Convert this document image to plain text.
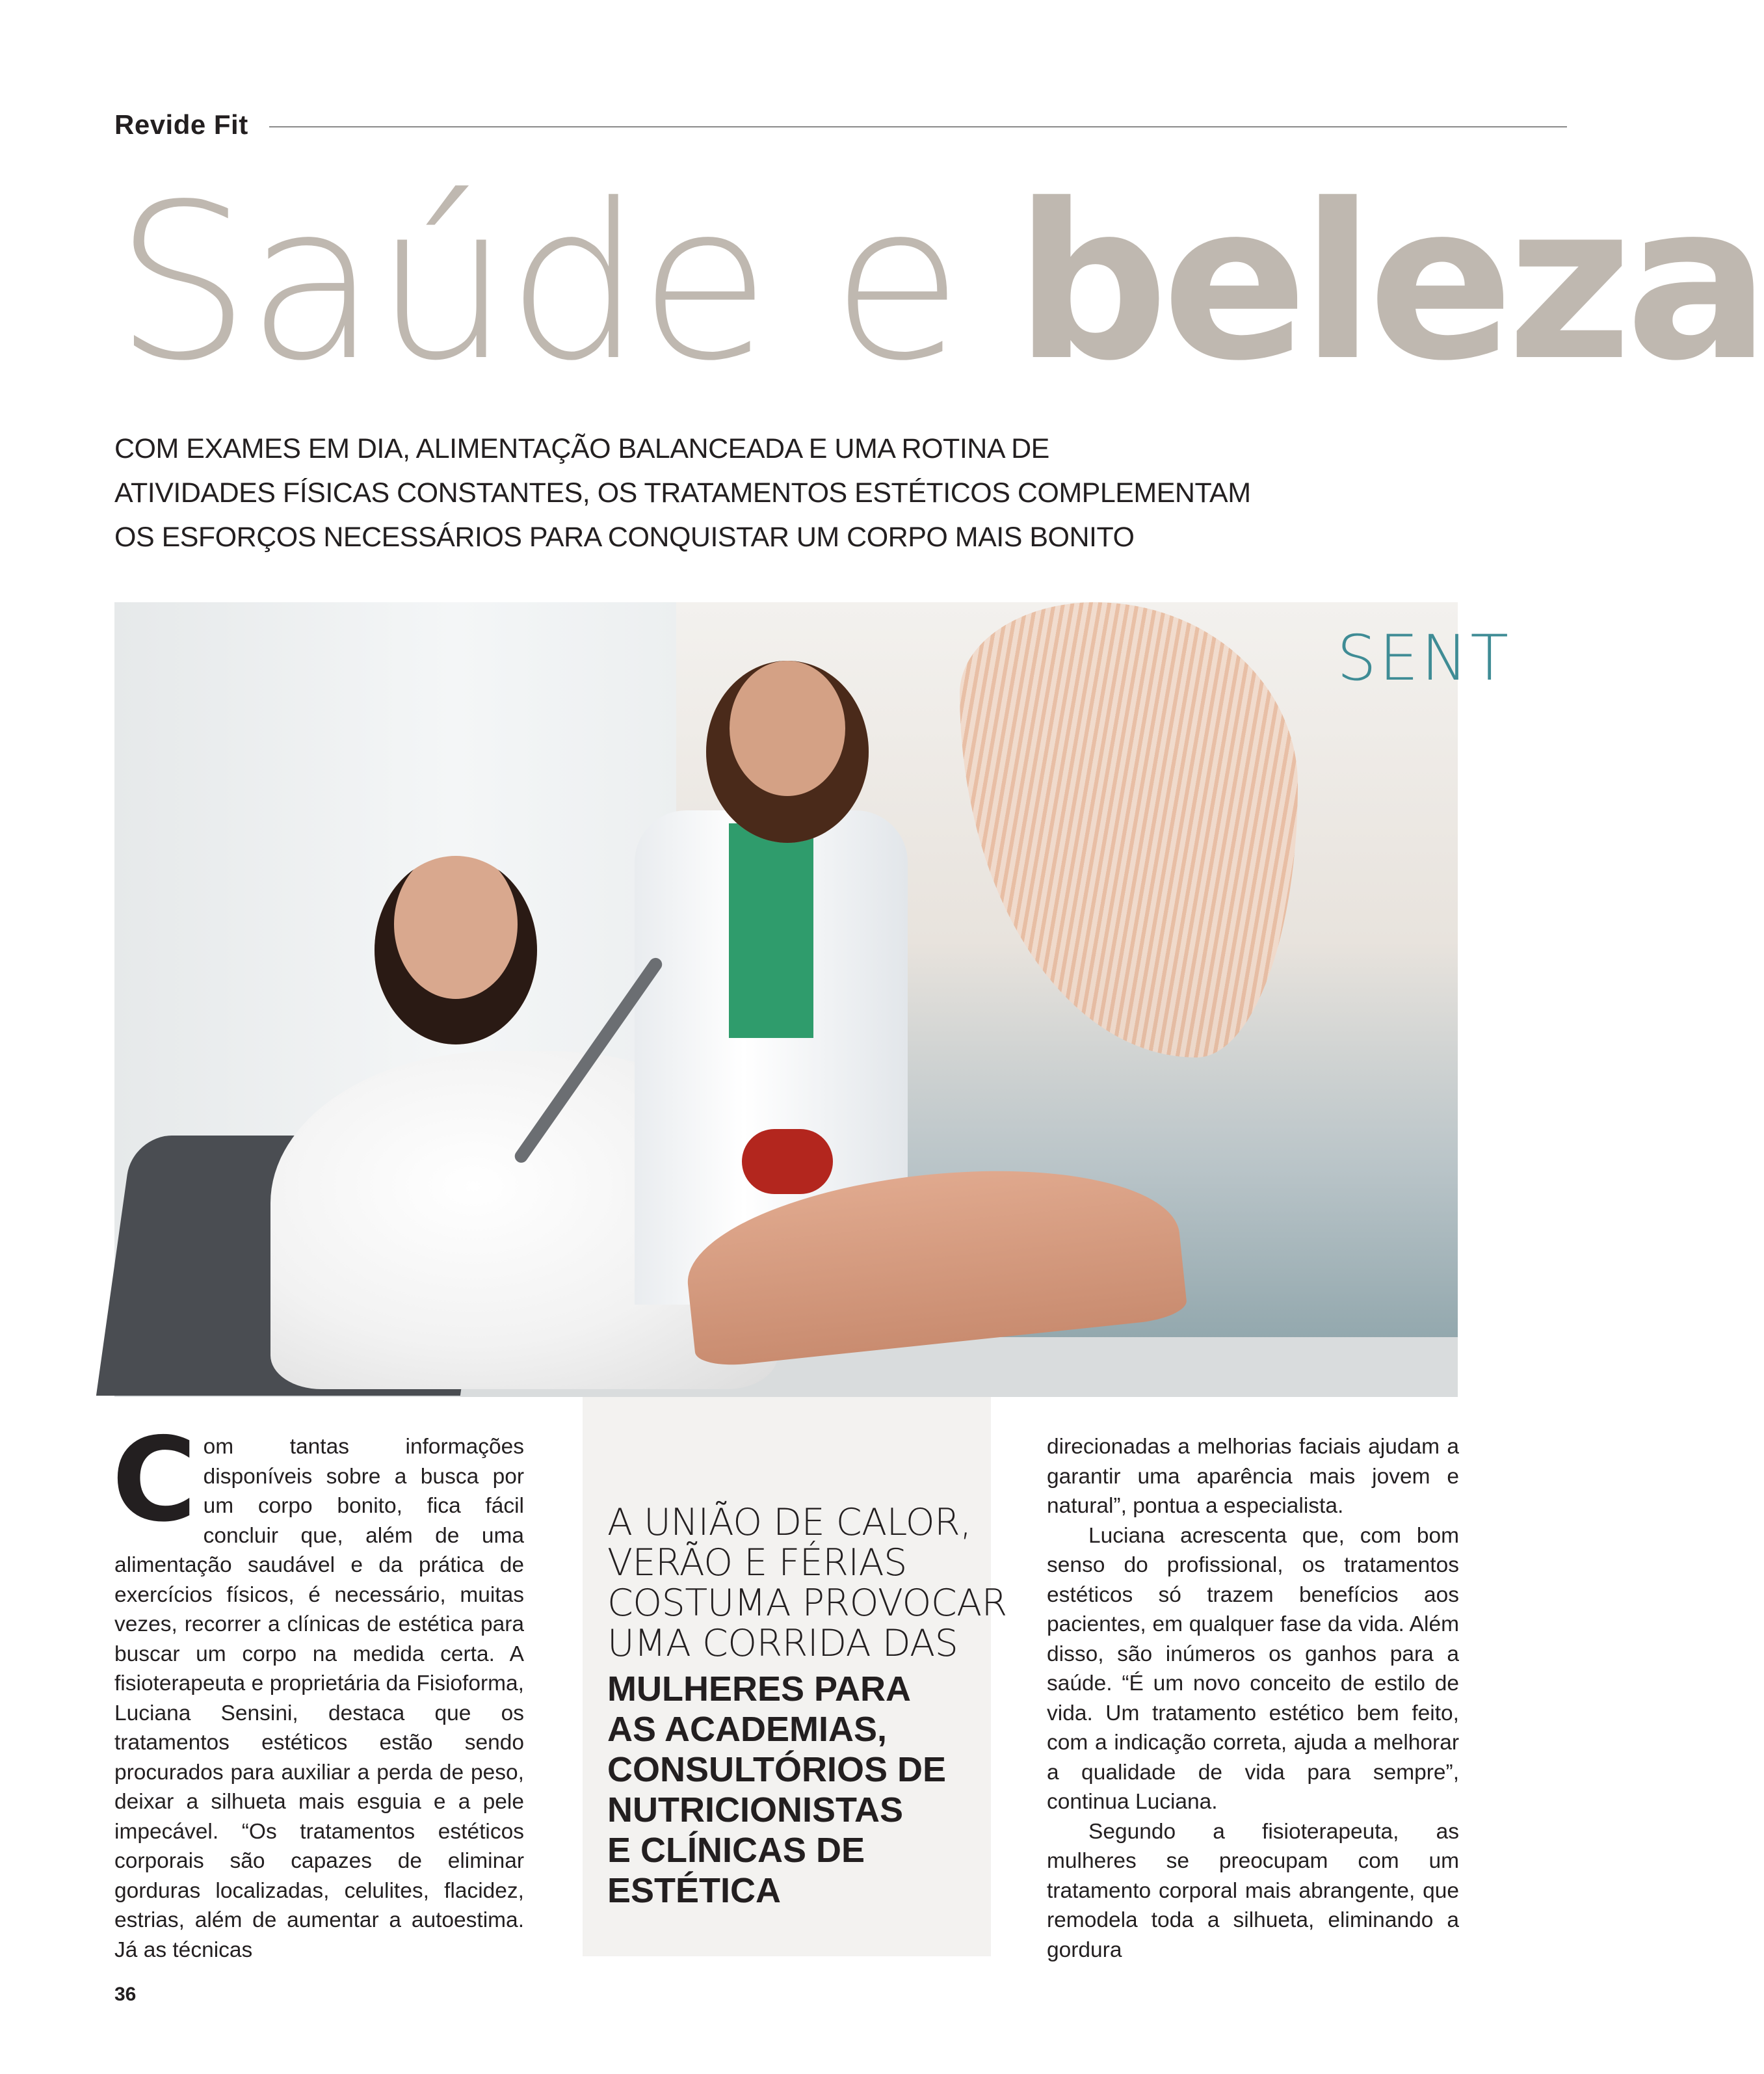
Revide Fit
Saúde e beleza
COM EXAMES EM DIA, ALIMENTAÇÃO BALANCEADA E UMA ROTINA DE
ATIVIDADES FÍSICAS CONSTANTES, OS TRATAMENTOS ESTÉTICOS COMPLEMENTAM
OS ESFORÇOS NECESSÁRIOS PARA CONQUISTAR UM CORPO MAIS BONITO
SENT

Com tantas informações disponíveis sobre a busca por um corpo bonito, fica fácil concluir que, além de uma alimentação saudável e da prática de exercícios físicos, é necessário, muitas vezes, recorrer a clínicas de estética para buscar um corpo na medida certa. A fisioterapeuta e proprietária da Fisioforma, Luciana Sensini, destaca que os tratamentos estéticos estão sendo procurados para auxiliar a perda de peso, deixar a silhueta mais esguia e a pele impecável. “Os tratamentos estéticos corporais são capazes de eliminar gorduras localizadas, celulites, flacidez, estrias, além de aumentar a autoestima. Já as técnicas

A UNIÃO DE CALOR,
VERÃO E FÉRIAS
COSTUMA PROVOCAR
UMA CORRIDA DAS
MULHERES PARA
AS ACADEMIAS,
CONSULTÓRIOS DE
NUTRICIONISTAS
E CLÍNICAS DE
ESTÉTICA

direcionadas a melhorias faciais ajudam a garantir uma aparência mais jovem e natural”, pontua a especialista.

Luciana acrescenta que, com bom senso do profissional, os tratamentos estéticos só trazem benefícios aos pacientes, em qualquer fase da vida. Além disso, são inúmeros os ganhos para a saúde. “É um novo conceito de estilo de vida. Um tratamento estético bem feito, com a indicação correta, ajuda a melhorar a qualidade de vida para sempre”, continua Luciana.

Segundo a fisioterapeuta, as mulheres se preocupam com um tratamento corporal mais abrangente, que remodela toda a silhueta, eliminando a gordura

36
